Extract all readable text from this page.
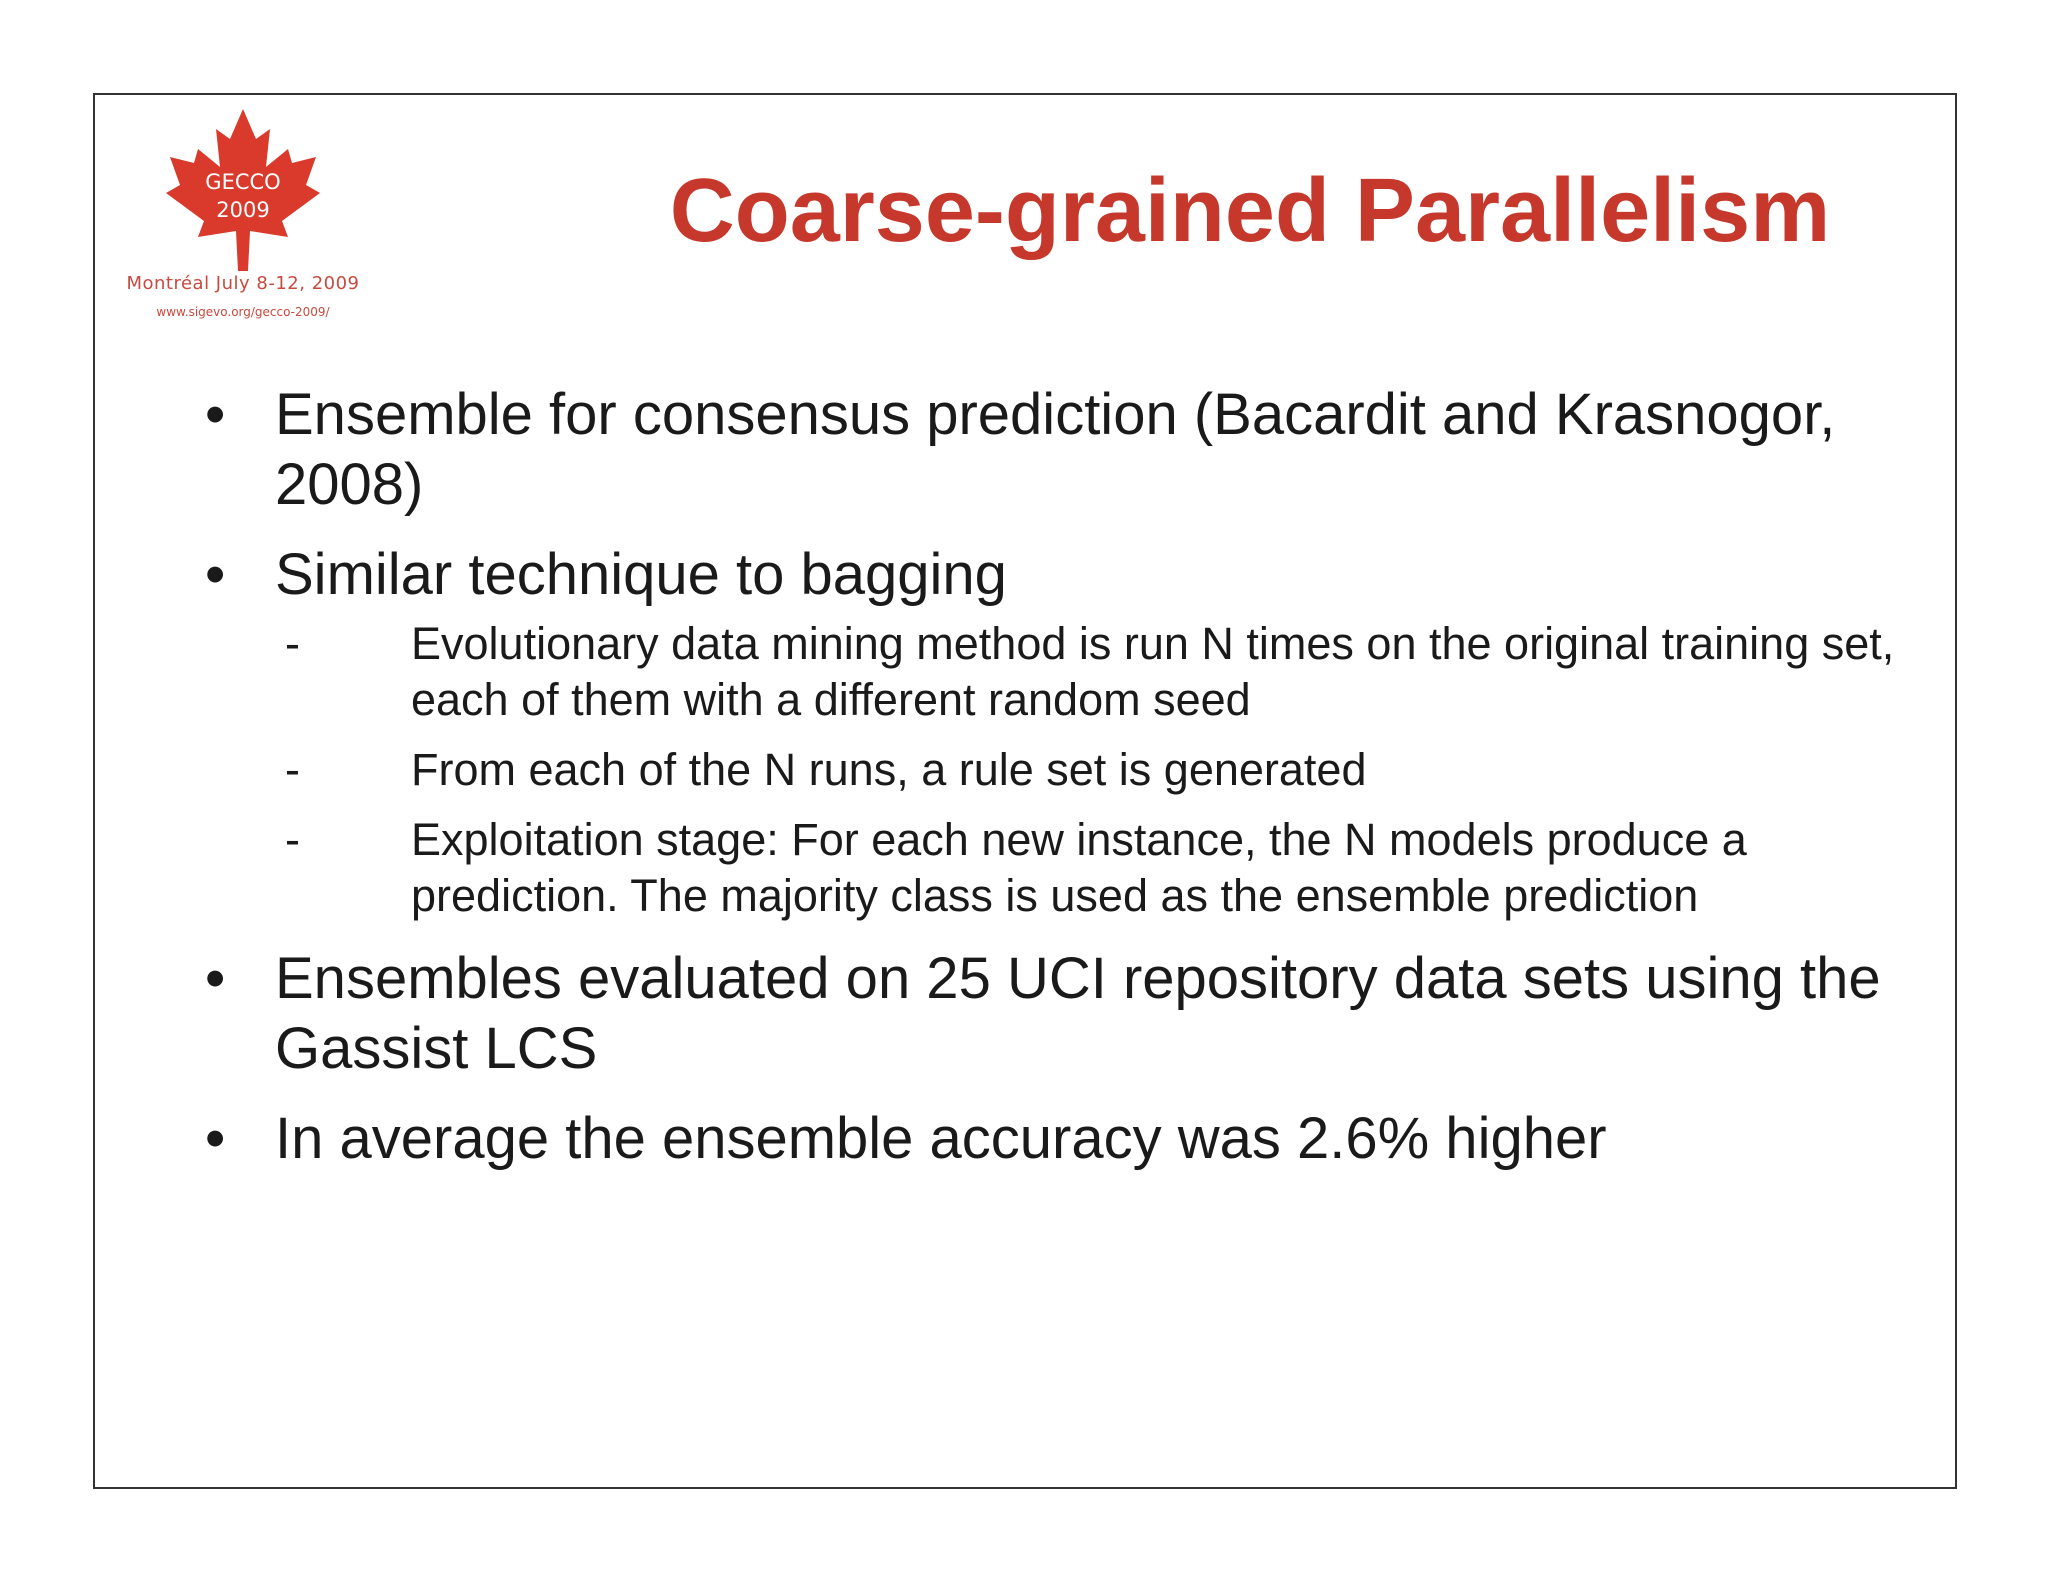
GECCO
2009
Montréal July 8-12, 2009
www.sigevo.org/gecco-2009/
Coarse-grained Parallelism
• Ensemble for consensus prediction (Bacardit and Krasnogor, 2008)
• Similar technique to bagging
- Evolutionary data mining method is run N times on the original training set, each of them with a different random seed
- From each of the N runs, a rule set is generated
- Exploitation stage: For each new instance, the N models produce a prediction. The majority class is used as the ensemble prediction
• Ensembles evaluated on 25 UCI repository data sets using the Gassist LCS
• In average the ensemble accuracy was 2.6% higher
